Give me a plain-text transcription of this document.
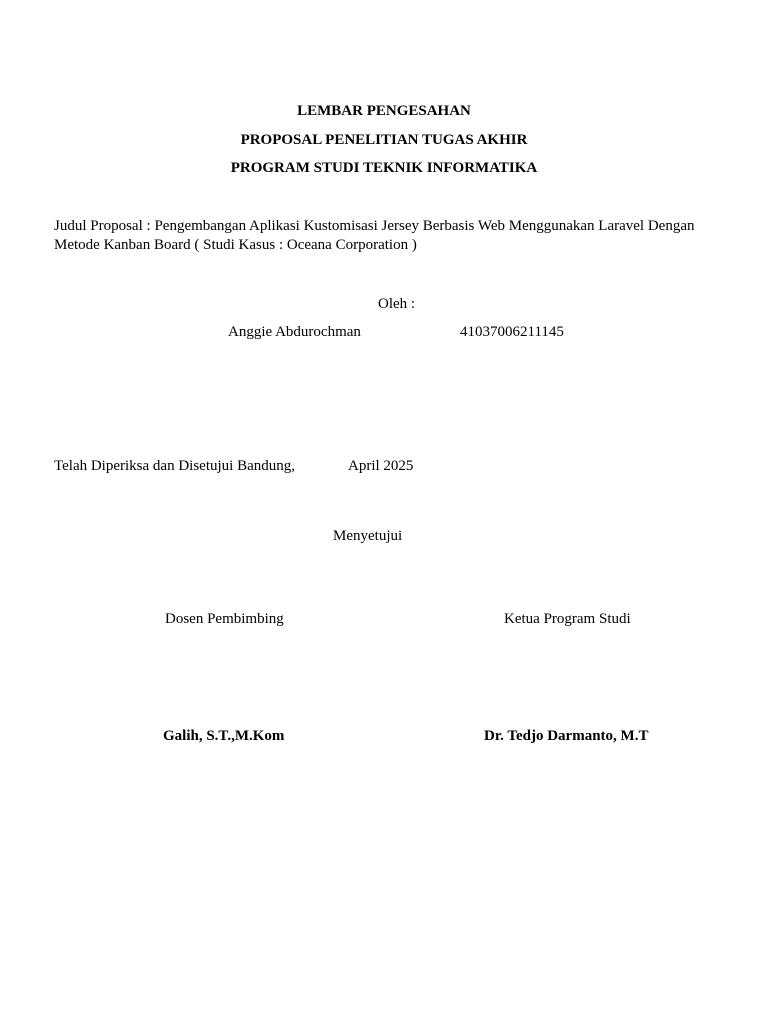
LEMBAR PENGESAHAN
PROPOSAL PENELITIAN TUGAS AKHIR
PROGRAM STUDI TEKNIK INFORMATIKA
Judul Proposal : Pengembangan Aplikasi Kustomisasi Jersey Berbasis Web Menggunakan Laravel Dengan Metode Kanban Board ( Studi Kasus : Oceana Corporation )
Oleh :
Anggie Abdurochman	41037006211145
Telah Diperiksa dan Disetujui Bandung,	April 2025
Menyetujui
Dosen Pembimbing	Ketua Program Studi
Galih, S.T.,M.Kom	Dr. Tedjo Darmanto, M.T
